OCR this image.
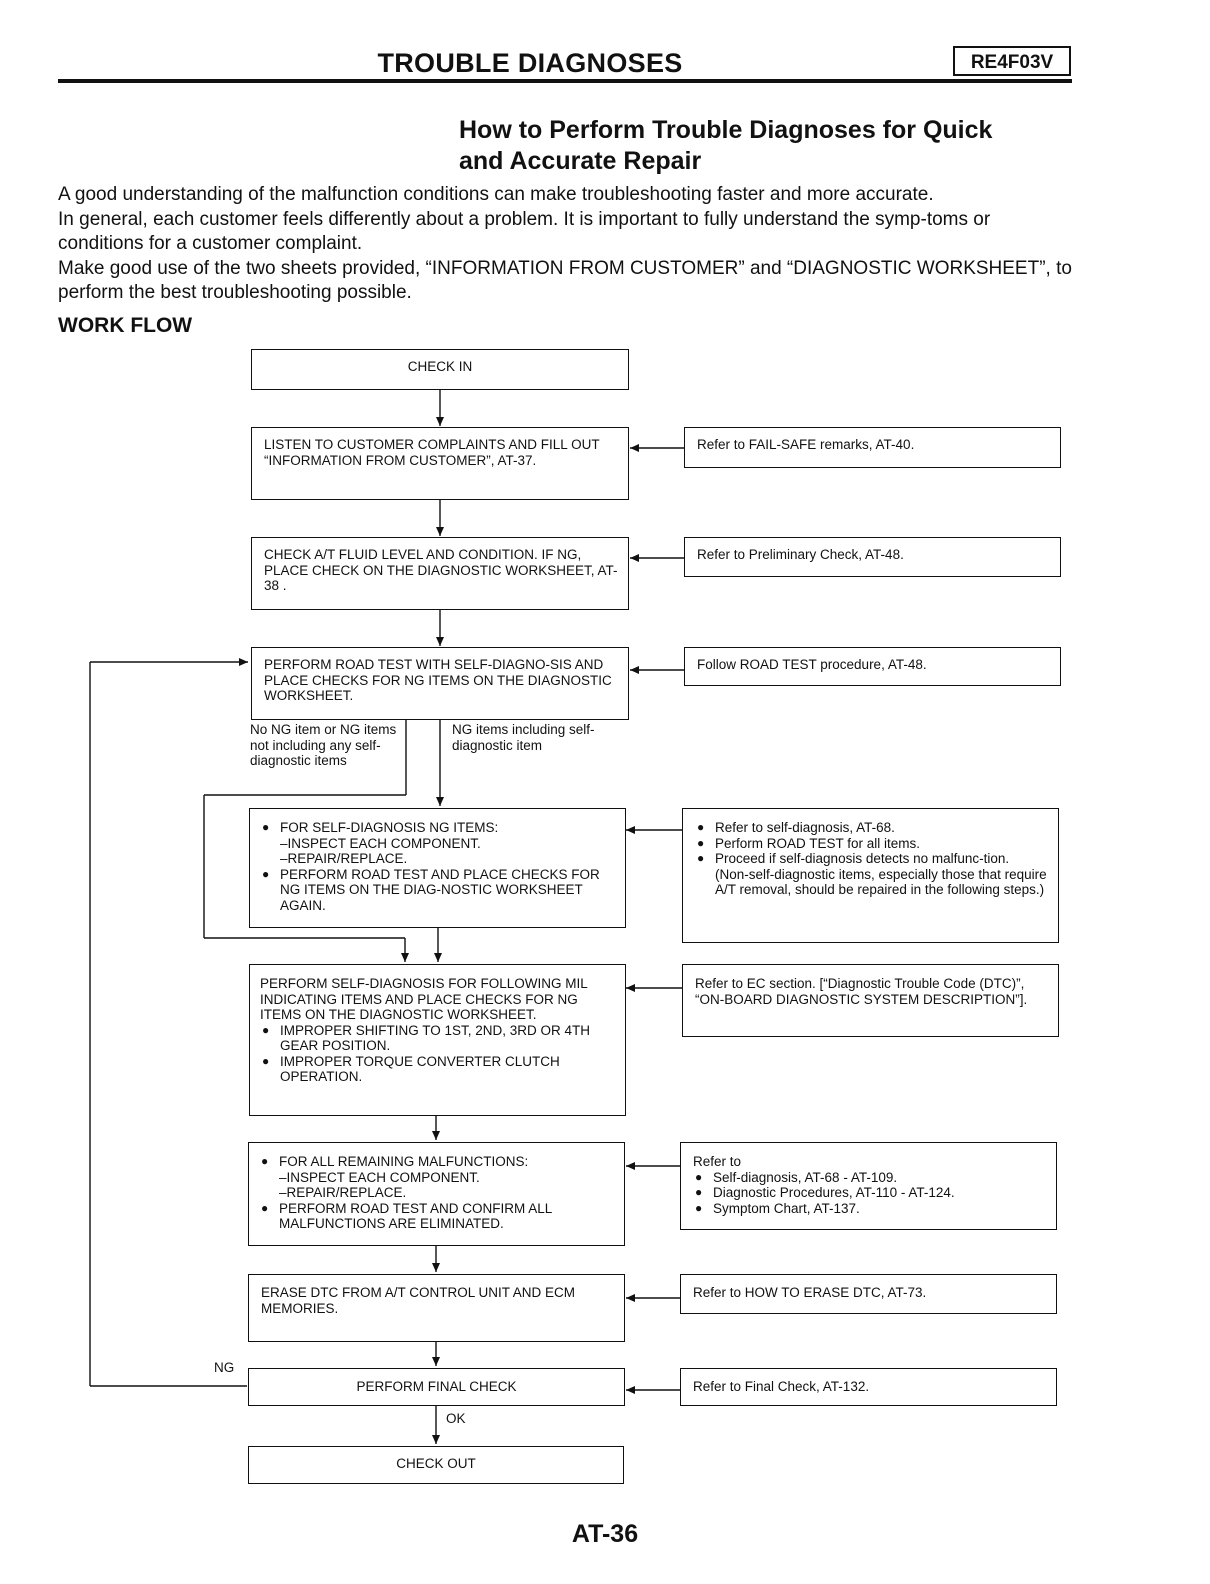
TROUBLE DIAGNOSES	RE4F03V
How to Perform Trouble Diagnoses for Quick
and Accurate Repair

A good understanding of the malfunction conditions can make troubleshooting faster and more accurate.

In general, each customer feels differently about a problem. It is important to fully understand the symp-toms or conditions for a customer complaint.

Make good use of the two sheets provided, “INFORMATION FROM CUSTOMER” and “DIAGNOSTIC WORKSHEET”, to perform the best troubleshooting possible.

WORK FLOW
CHECK IN
LISTEN TO CUSTOMER COMPLAINTS AND FILL OUT “INFORMATION FROM CUSTOMER”, AT-37.
Refer to FAIL-SAFE remarks, AT-40.
CHECK A/T FLUID LEVEL AND CONDITION. IF NG, PLACE CHECK ON THE DIAGNOSTIC WORKSHEET, AT-38 .
Refer to Preliminary Check, AT-48.
PERFORM ROAD TEST WITH SELF-DIAGNO-SIS AND PLACE CHECKS FOR NG ITEMS ON THE DIAGNOSTIC WORKSHEET.
Follow ROAD TEST procedure, AT-48.
No NG item or NG items not including any self-diagnostic items
NG items including self-diagnostic item
● FOR SELF-DIAGNOSIS NG ITEMS:
–INSPECT EACH COMPONENT.
–REPAIR/REPLACE.
● PERFORM ROAD TEST AND PLACE CHECKS FOR NG ITEMS ON THE DIAG-NOSTIC WORKSHEET AGAIN.
● Refer to self-diagnosis, AT-68.
● Perform ROAD TEST for all items.
● Proceed if self-diagnosis detects no malfunc-tion.
(Non-self-diagnostic items, especially those that require A/T removal, should be repaired in the following steps.)
PERFORM SELF-DIAGNOSIS FOR FOLLOWING MIL INDICATING ITEMS AND PLACE CHECKS FOR NG ITEMS ON THE DIAGNOSTIC WORKSHEET.
● IMPROPER SHIFTING TO 1ST, 2ND, 3RD OR 4TH GEAR POSITION.
● IMPROPER TORQUE CONVERTER CLUTCH OPERATION.
Refer to EC section. [“Diagnostic Trouble Code (DTC)”, “ON-BOARD DIAGNOSTIC SYSTEM DESCRIPTION”].
● FOR ALL REMAINING MALFUNCTIONS:
–INSPECT EACH COMPONENT.
–REPAIR/REPLACE.
● PERFORM ROAD TEST AND CONFIRM ALL MALFUNCTIONS ARE ELIMINATED.
Refer to
● Self-diagnosis, AT-68 - AT-109.
● Diagnostic Procedures, AT-110 - AT-124.
● Symptom Chart, AT-137.
ERASE DTC FROM A/T CONTROL UNIT AND ECM MEMORIES.
Refer to HOW TO ERASE DTC, AT-73.
NG
PERFORM FINAL CHECK	Refer to Final Check, AT-132.
OK
CHECK OUT
AT-36
